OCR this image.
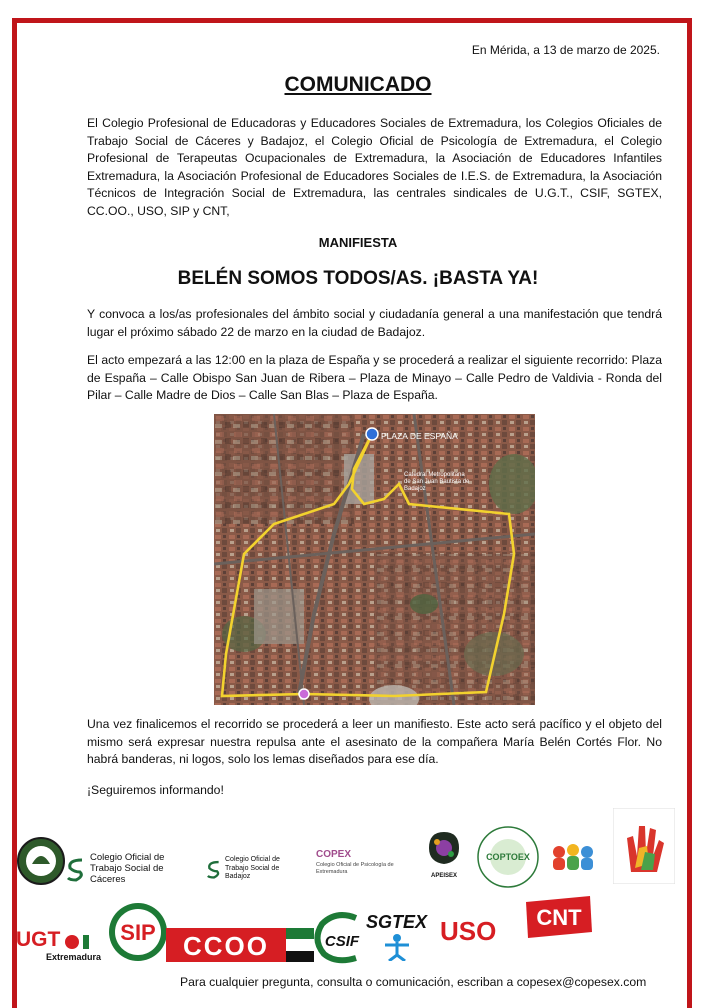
En Mérida, a 13 de marzo de 2025.
COMUNICADO

El Colegio Profesional de Educadoras y Educadores Sociales de Extremadura, los Colegios Oficiales de Trabajo Social de Cáceres y Badajoz, el Colegio Oficial de Psicología de Extremadura, el Colegio Profesional de Terapeutas Ocupacionales de Extremadura, la Asociación de Educadores Infantiles Extremadura, la Asociación Profesional de Educadores Sociales de I.E.S. de Extremadura, la Asociación Técnicos de Integración Social de Extremadura, las centrales sindicales de U.G.T., CSIF, SGTEX, CC.OO., USO, SIP y CNT,

MANIFIESTA
BELÉN SOMOS TODOS/AS. ¡BASTA YA!

Y convoca a los/as profesionales del ámbito social y ciudadanía general a una manifestación que tendrá lugar el próximo sábado 22 de marzo en la ciudad de Badajoz.

El acto empezará a las 12:00 en la plaza de España y se procederá a realizar el siguiente recorrido: Plaza de España – Calle Obispo San Juan de Ribera – Plaza de Minayo – Calle Pedro de Valdivia - Ronda del Pilar – Calle Madre de Dios – Calle San Blas – Plaza de España.

PLAZA DE ESPAÑA
Catedral Metropolitana de San Juan Bautista de Badajoz

Una vez finalicemos el recorrido se procederá a leer un manifiesto. Este acto será pacífico y el objeto del mismo será expresar nuestra repulsa ante el asesinato de la compañera María Belén Cortés Flor. No habrá banderas, ni logos, solo los lemas diseñados para ese día.

¡Seguiremos informando!
Colegio Oficial de Trabajo Social de Cáceres
Colegio Oficial de Trabajo Social de Badajoz
COPEX
Colegio Oficial de Psicología de Extremadura
APEISEX
COPTOEX
UGT
Extremadura
SIP CCOO	CSIF
SGTEX USO CNT
Para cualquier pregunta, consulta o comunicación, escriban a copesex@copesex.com
